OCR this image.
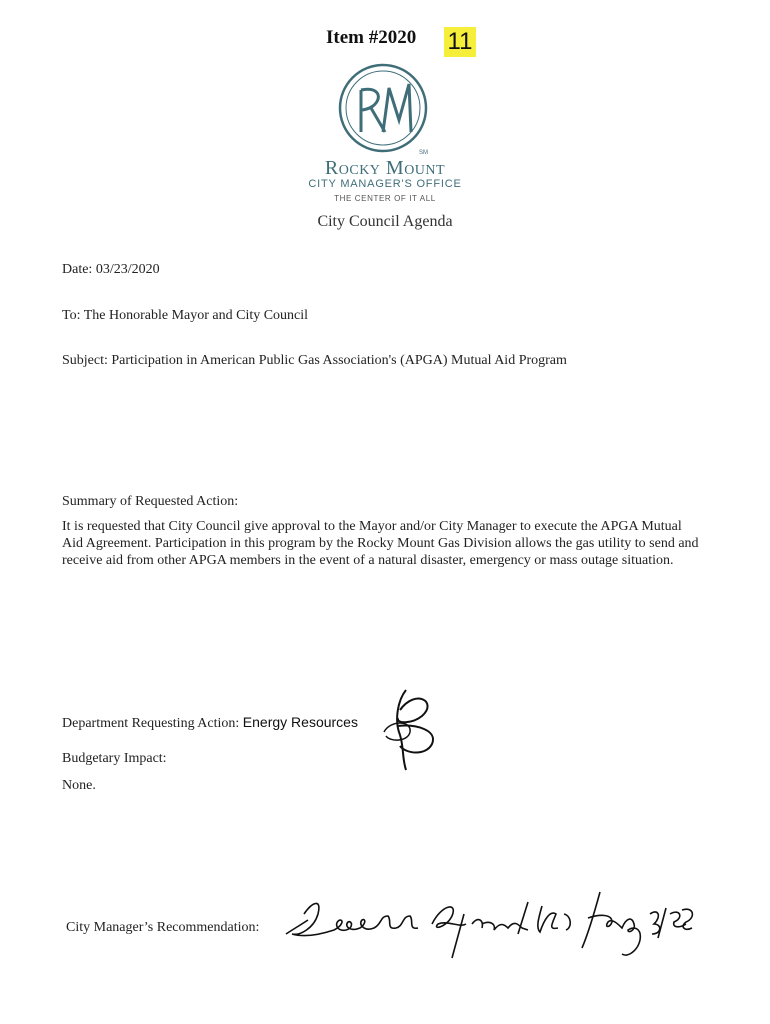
Item #2020 11
SM
Rocky Mount
CITY MANAGER'S OFFICE
THE CENTER OF IT ALL
City Council Agenda
Date: 03/23/2020
To: The Honorable Mayor and City Council
Subject: Participation in American Public Gas Association's (APGA) Mutual Aid Program
Summary of Requested Action:
It is requested that City Council give approval to the Mayor and/or City Manager to execute the APGA Mutual Aid Agreement. Participation in this program by the Rocky Mount Gas Division allows the gas utility to send and receive aid from other APGA members in the event of a natural disaster, emergency or mass outage situation.
Department Requesting Action: Energy Resources
Budgetary Impact:
None.
City Manager’s Recommendation:
